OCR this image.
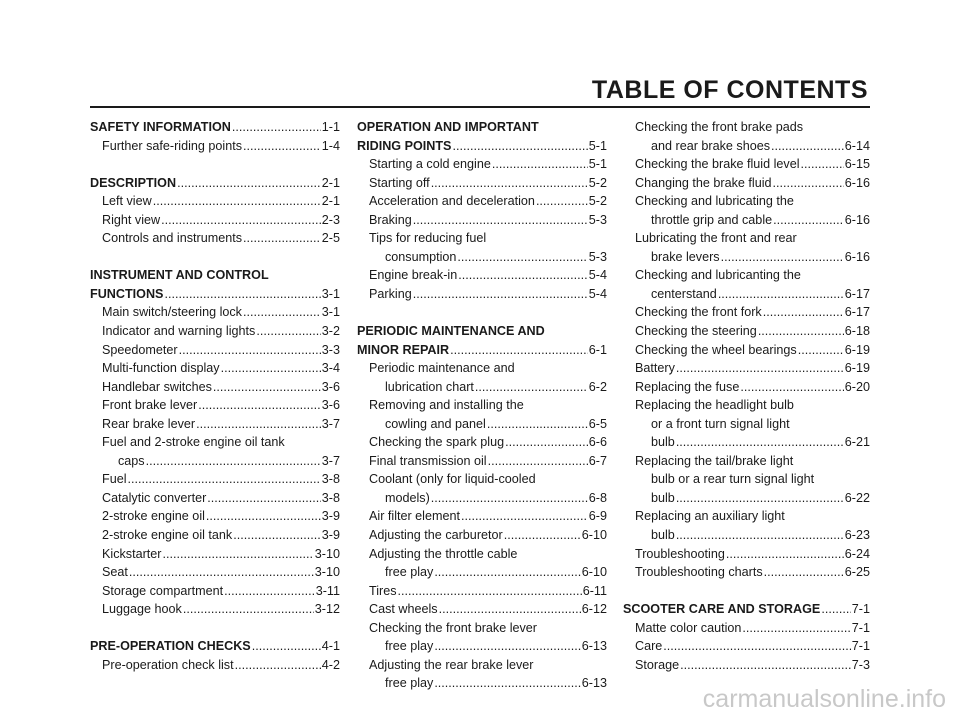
TABLE OF CONTENTS
SAFETY INFORMATION .....	1-1
Further safe-riding points .....	1-4
DESCRIPTION .....	2-1
Left view .....	2-1
Right view .....	2-3
Controls and instruments .....	2-5
INSTRUMENT AND CONTROL
FUNCTIONS .....	3-1
Main switch/steering lock .....	3-1
Indicator and warning lights .....	3-2
Speedometer .....	3-3
Multi-function display .....	3-4
Handlebar switches .....	3-6
Front brake lever .....	3-6
Rear brake lever .....	3-7
Fuel and 2-stroke engine oil tank
caps .....	3-7
Fuel .....	3-8
Catalytic converter .....	3-8
2-stroke engine oil .....	3-9
2-stroke engine oil tank .....	3-9
Kickstarter .....	3-10
Seat .....	3-10
Storage compartment .....	3-11
Luggage hook .....	3-12
PRE-OPERATION CHECKS .....	4-1
Pre-operation check list .....	4-2
OPERATION AND IMPORTANT
RIDING POINTS .....	5-1
Starting a cold engine .....	5-1
Starting off .....	5-2
Acceleration and deceleration .....	5-2
Braking .....	5-3
Tips for reducing fuel
consumption .....	5-3
Engine break-in .....	5-4
Parking .....	5-4
PERIODIC MAINTENANCE AND
MINOR REPAIR .....	6-1
Periodic maintenance and
lubrication chart .....	6-2
Removing and installing the
cowling and panel .....	6-5
Checking the spark plug .....	6-6
Final transmission oil .....	6-7
Coolant (only for liquid-cooled
models) .....	6-8
Air filter element .....	6-9
Adjusting the carburetor .....	6-10
Adjusting the throttle cable
free play .....	6-10
Tires .....	6-11
Cast wheels .....	6-12
Checking the front brake lever
free play .....	6-13
Adjusting the rear brake lever
free play .....	6-13
Checking the front brake pads
and rear brake shoes .....	6-14
Checking the brake fluid level .....	6-15
Changing the brake fluid .....	6-16
Checking and lubricating the
throttle grip and cable .....	6-16
Lubricating the front and rear
brake levers .....	6-16
Checking and lubricanting the
centerstand .....	6-17
Checking the front fork .....	6-17
Checking the steering .....	6-18
Checking the wheel bearings .....	6-19
Battery .....	6-19
Replacing the fuse .....	6-20
Replacing the headlight bulb
or a front turn signal light
bulb .....	6-21
Replacing the tail/brake light
bulb or a rear turn signal light
bulb .....	6-22
Replacing an auxiliary light
bulb .....	6-23
Troubleshooting .....	6-24
Troubleshooting charts .....	6-25
SCOOTER CARE AND STORAGE ..... 7-1
Matte color caution .....	7-1
Care .....	7-1
Storage .....	7-3
carmanualsonline.info
